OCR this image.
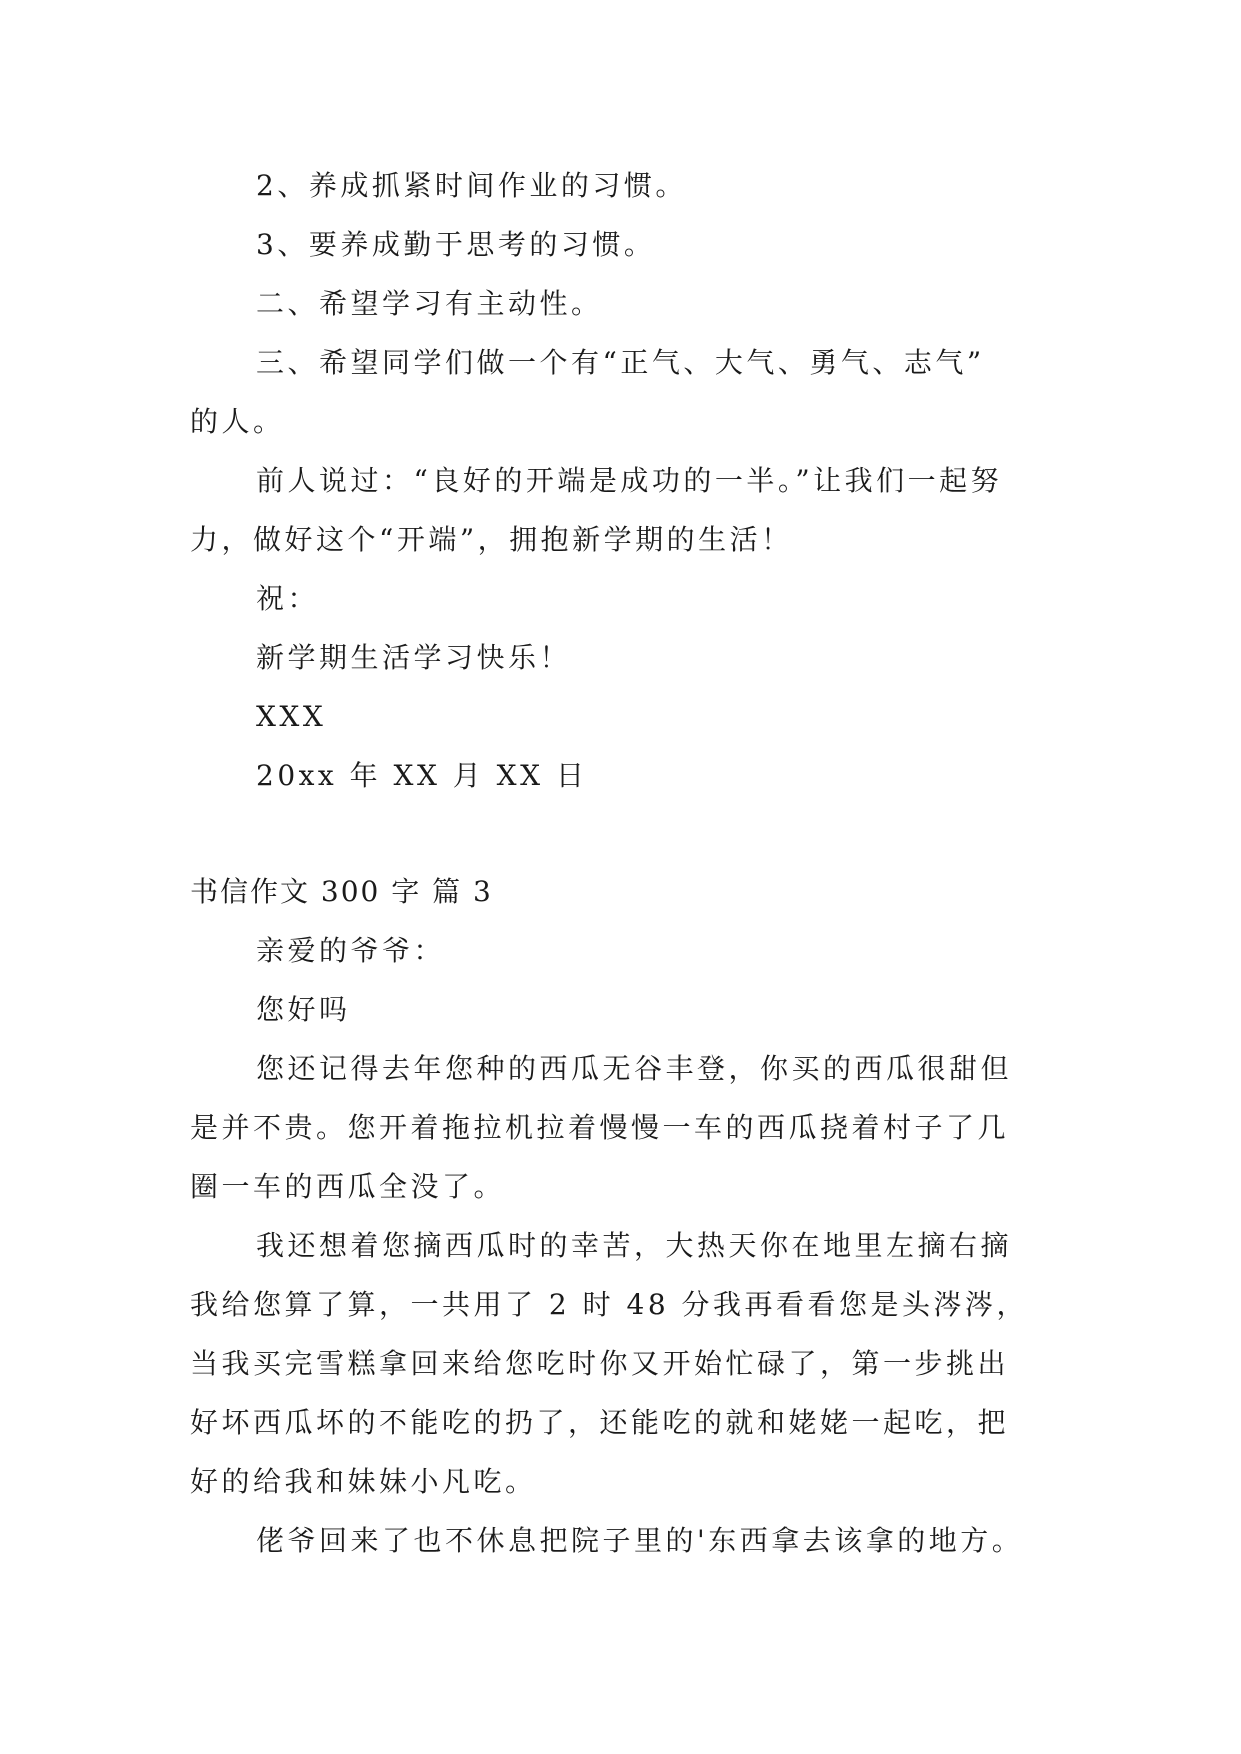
2、养成抓紧时间作业的习惯。
3、要养成勤于思考的习惯。
二、希望学习有主动性。
三、希望同学们做一个有“正气、大气、勇气、志气”
的人。
前人说过：“良好的开端是成功的一半。”让我们一起努
力，做好这个“开端”，拥抱新学期的生活！
祝：
新学期生活学习快乐！
XXX
20xx 年 XX 月 XX 日
书信作文 300 字 篇 3
亲爱的爷爷：
您好吗
您还记得去年您种的西瓜无谷丰登，你买的西瓜很甜但
是并不贵。您开着拖拉机拉着慢慢一车的西瓜挠着村子了几
圈一车的西瓜全没了。
我还想着您摘西瓜时的幸苦，大热天你在地里左摘右摘
我给您算了算，一共用了 2 时 48 分我再看看您是头涔涔，
当我买完雪糕拿回来给您吃时你又开始忙碌了，第一步挑出
好坏西瓜坏的不能吃的扔了，还能吃的就和姥姥一起吃，把
好的给我和妹妹小凡吃。
佬爷回来了也不休息把院子里的'东西拿去该拿的地方。
